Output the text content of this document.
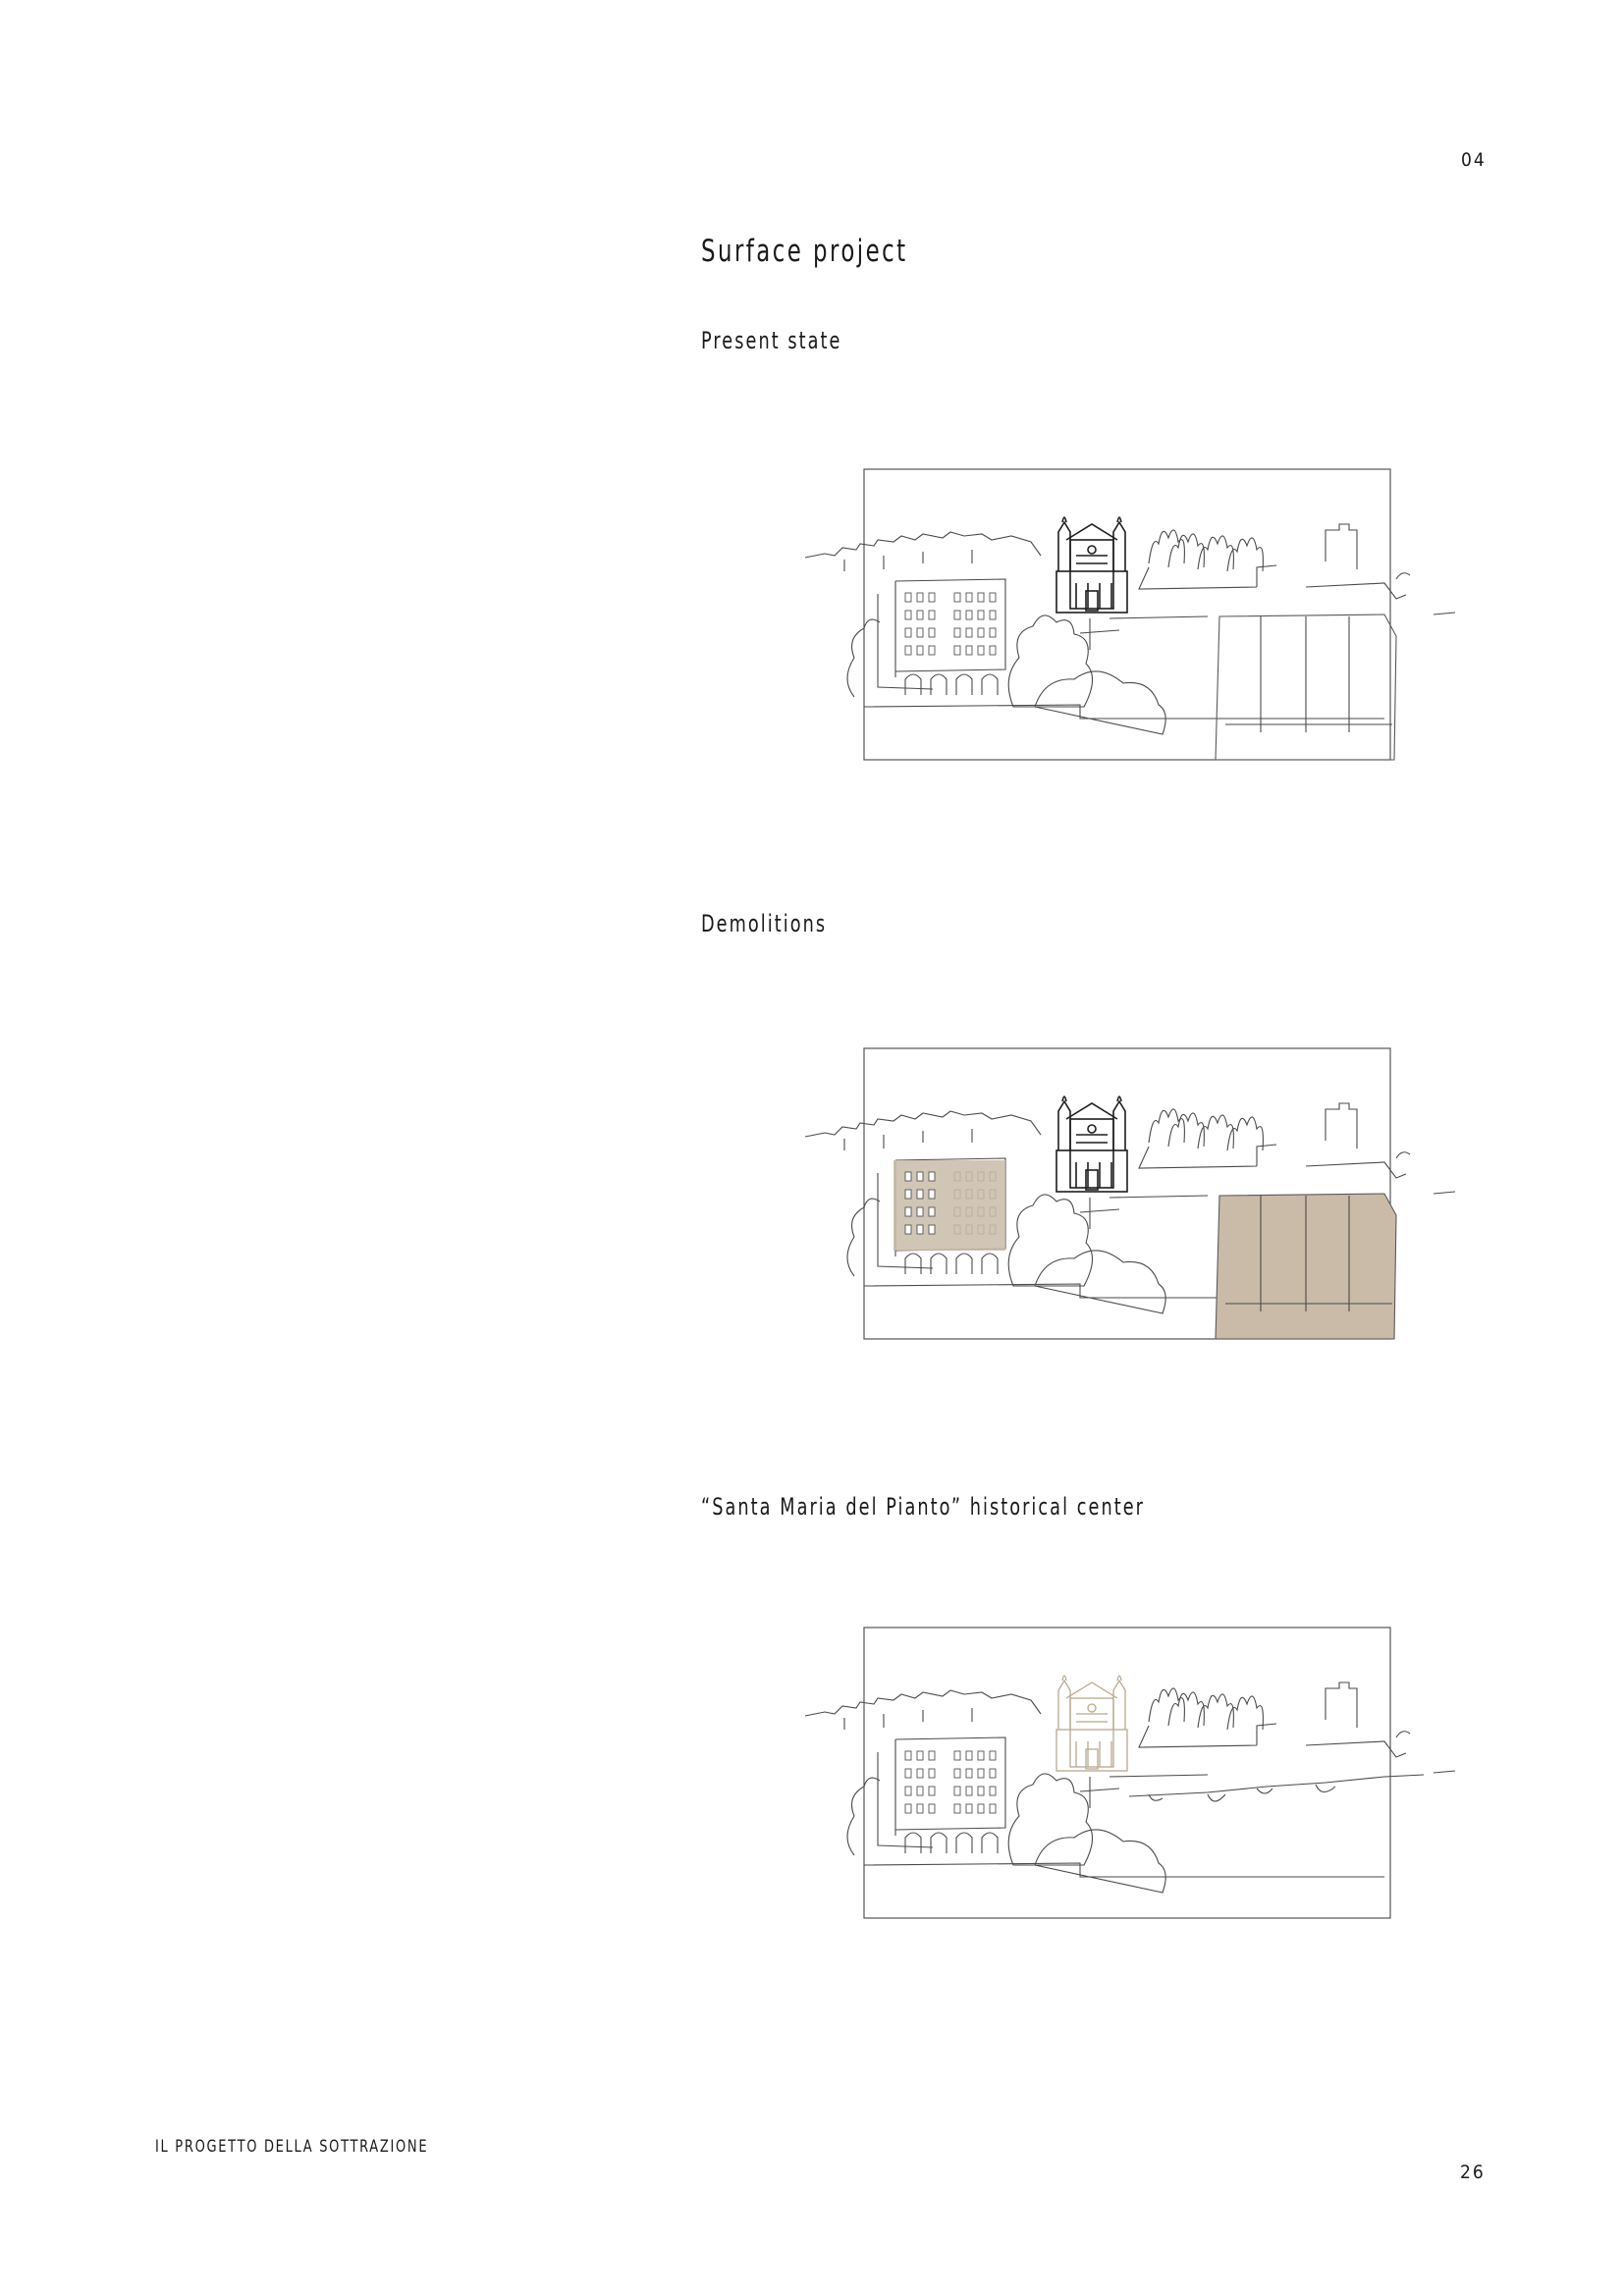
04
Surface project
Present state
Demolitions
“Santa Maria del Pianto” historical center
IL PROGETTO DELLA SOTTRAZIONE
26
